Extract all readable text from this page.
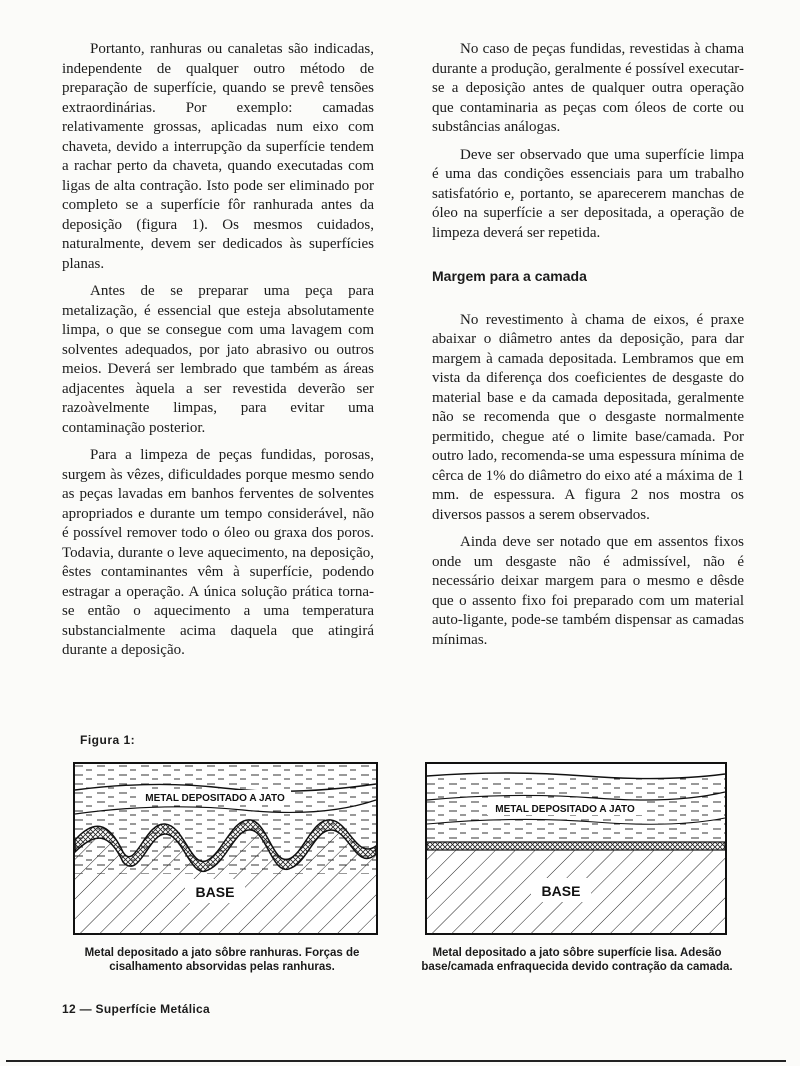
Portanto, ranhuras ou canaletas são indicadas, independente de qualquer outro método de preparação de superfície, quando se prevê tensões extraordinárias. Por exemplo: camadas relativamente grossas, aplicadas num eixo com chaveta, devido a interrupção da superfície tendem a rachar perto da chaveta, quando executadas com ligas de alta contração. Isto pode ser eliminado por completo se a superfície fôr ranhurada antes da deposição (figura 1). Os mesmos cuidados, naturalmente, devem ser dedicados às superfícies planas.

Antes de se preparar uma peça para metalização, é essencial que esteja absolutamente limpa, o que se consegue com uma lavagem com solventes adequados, por jato abrasivo ou outros meios. Deverá ser lembrado que também as áreas adjacentes àquela a ser revestida deverão ser razoàvelmente limpas, para evitar uma contaminação posterior.

Para a limpeza de peças fundidas, porosas, surgem às vêzes, dificuldades porque mesmo sendo as peças lavadas em banhos ferventes de solventes apropriados e durante um tempo considerável, não é possível remover todo o óleo ou graxa dos poros. Todavia, durante o leve aquecimento, na deposição, êstes contaminantes vêm à superfície, podendo estragar a operação. A única solução prática torna-se então o aquecimento a uma temperatura substancialmente acima daquela que atingirá durante a deposição.

No caso de peças fundidas, revestidas à chama durante a produção, geralmente é possível executar-se a deposição antes de qualquer outra operação que contaminaria as peças com óleos de corte ou substâncias análogas.

Deve ser observado que uma superfície limpa é uma das condições essenciais para um trabalho satisfatório e, portanto, se aparecerem manchas de óleo na superfície a ser depositada, a operação de limpeza deverá ser repetida.

Margem para a camada

No revestimento à chama de eixos, é praxe abaixar o diâmetro antes da deposição, para dar margem à camada depositada. Lembramos que em vista da diferença dos coeficientes de desgaste do material base e da camada depositada, geralmente não se recomenda que o desgaste normalmente permitido, chegue até o limite base/camada. Por outro lado, recomenda-se uma espessura mínima de cêrca de 1% do diâmetro do eixo até a máxima de 1 mm. de espessura. A figura 2 nos mostra os diversos passos a serem observados.

Ainda deve ser notado que em assentos fixos onde um desgaste não é admissível, não é necessário deixar margem para o mesmo e dêsde que o assento fixo foi preparado com um material auto-ligante, pode-se também dispensar as camadas mínimas.

Figura 1:
BASE
METAL DEPOSITADO A JATO
BASE
METAL DEPOSITADO A JATO
Metal depositado a jato sôbre ranhuras. Forças de cisalhamento absorvidas pelas ranhuras.
Metal depositado a jato sôbre superfície lisa. Adesão base/camada enfraquecida devido contração da camada.
12 — Superfície Metálica
